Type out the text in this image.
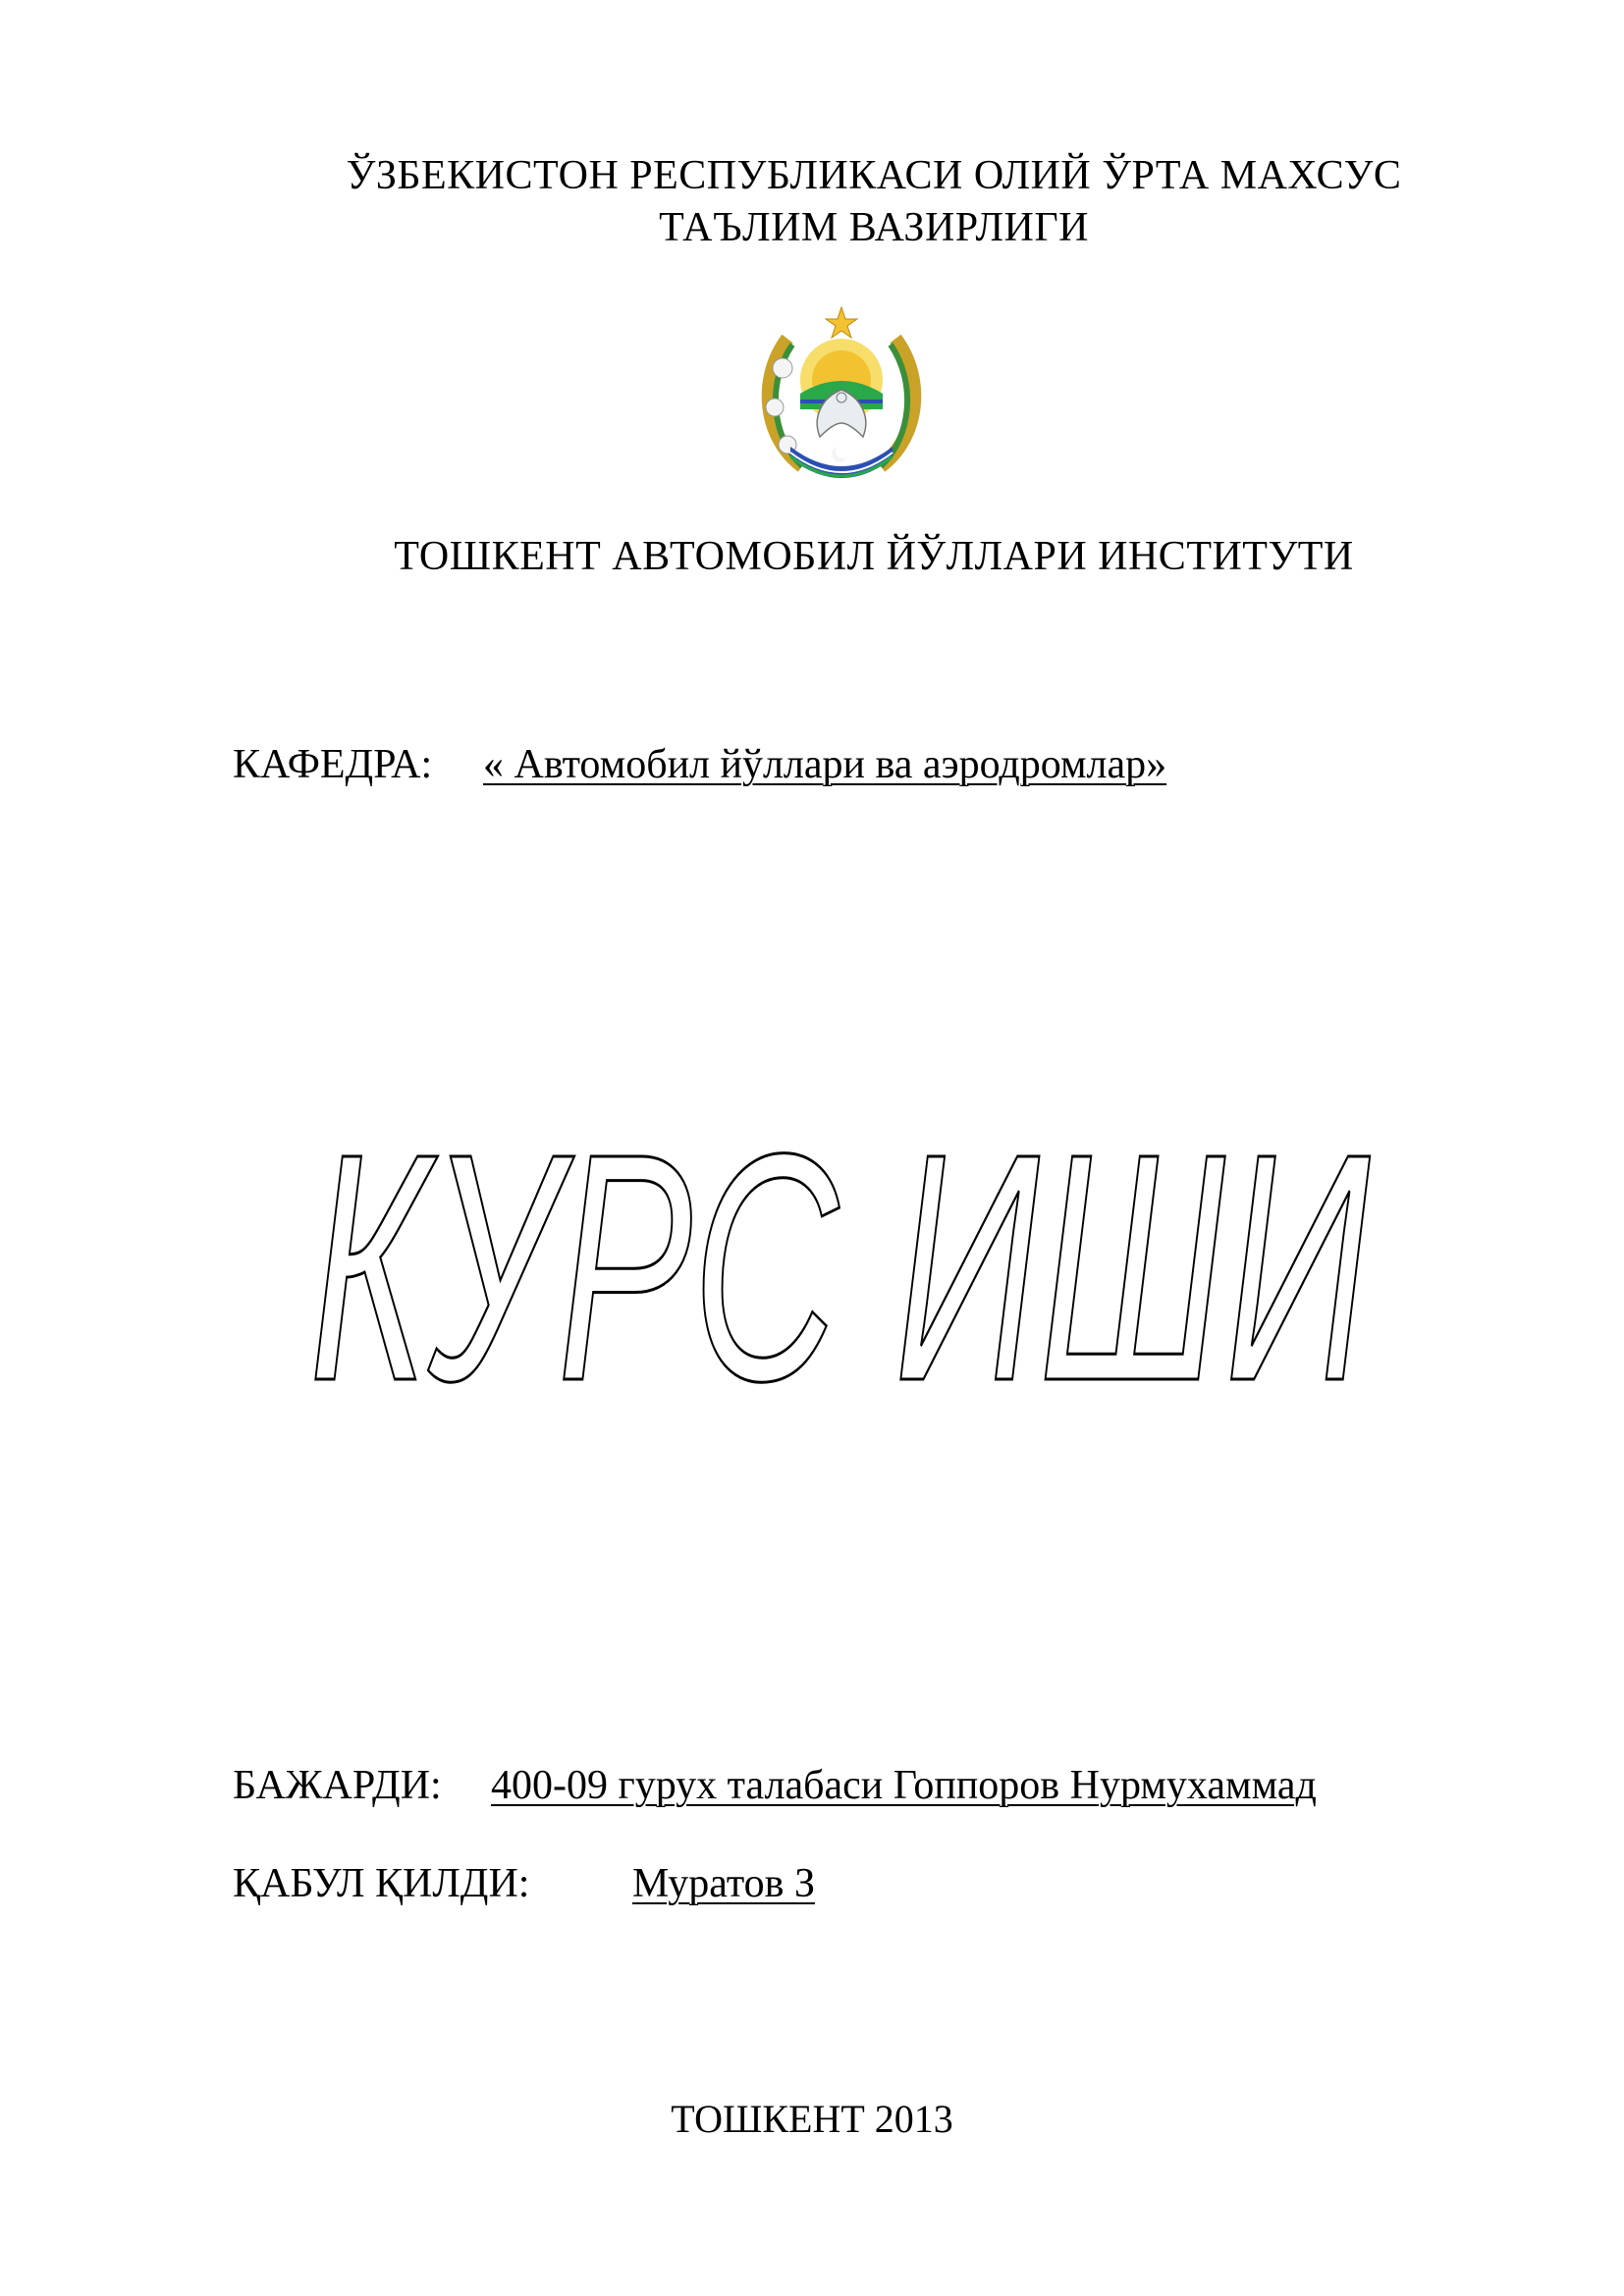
ЎЗБЕКИСТОН РЕСПУБЛИКАСИ ОЛИЙ ЎРТА МАХСУС
ТАЪЛИМ ВАЗИРЛИГИ
ТОШКЕНТ АВТОМОБИЛ ЙЎЛЛАРИ ИНСТИТУТИ
КАФЕДРА: « Автомобил йўллари ва аэродромлар»
КУРС ИШИ
БАЖАРДИ: 400-09 гурух талабаси Гоппоров Нурмухаммад
ҚАБУЛ ҚИЛДИ: Муратов З
ТОШКЕНТ 2013
